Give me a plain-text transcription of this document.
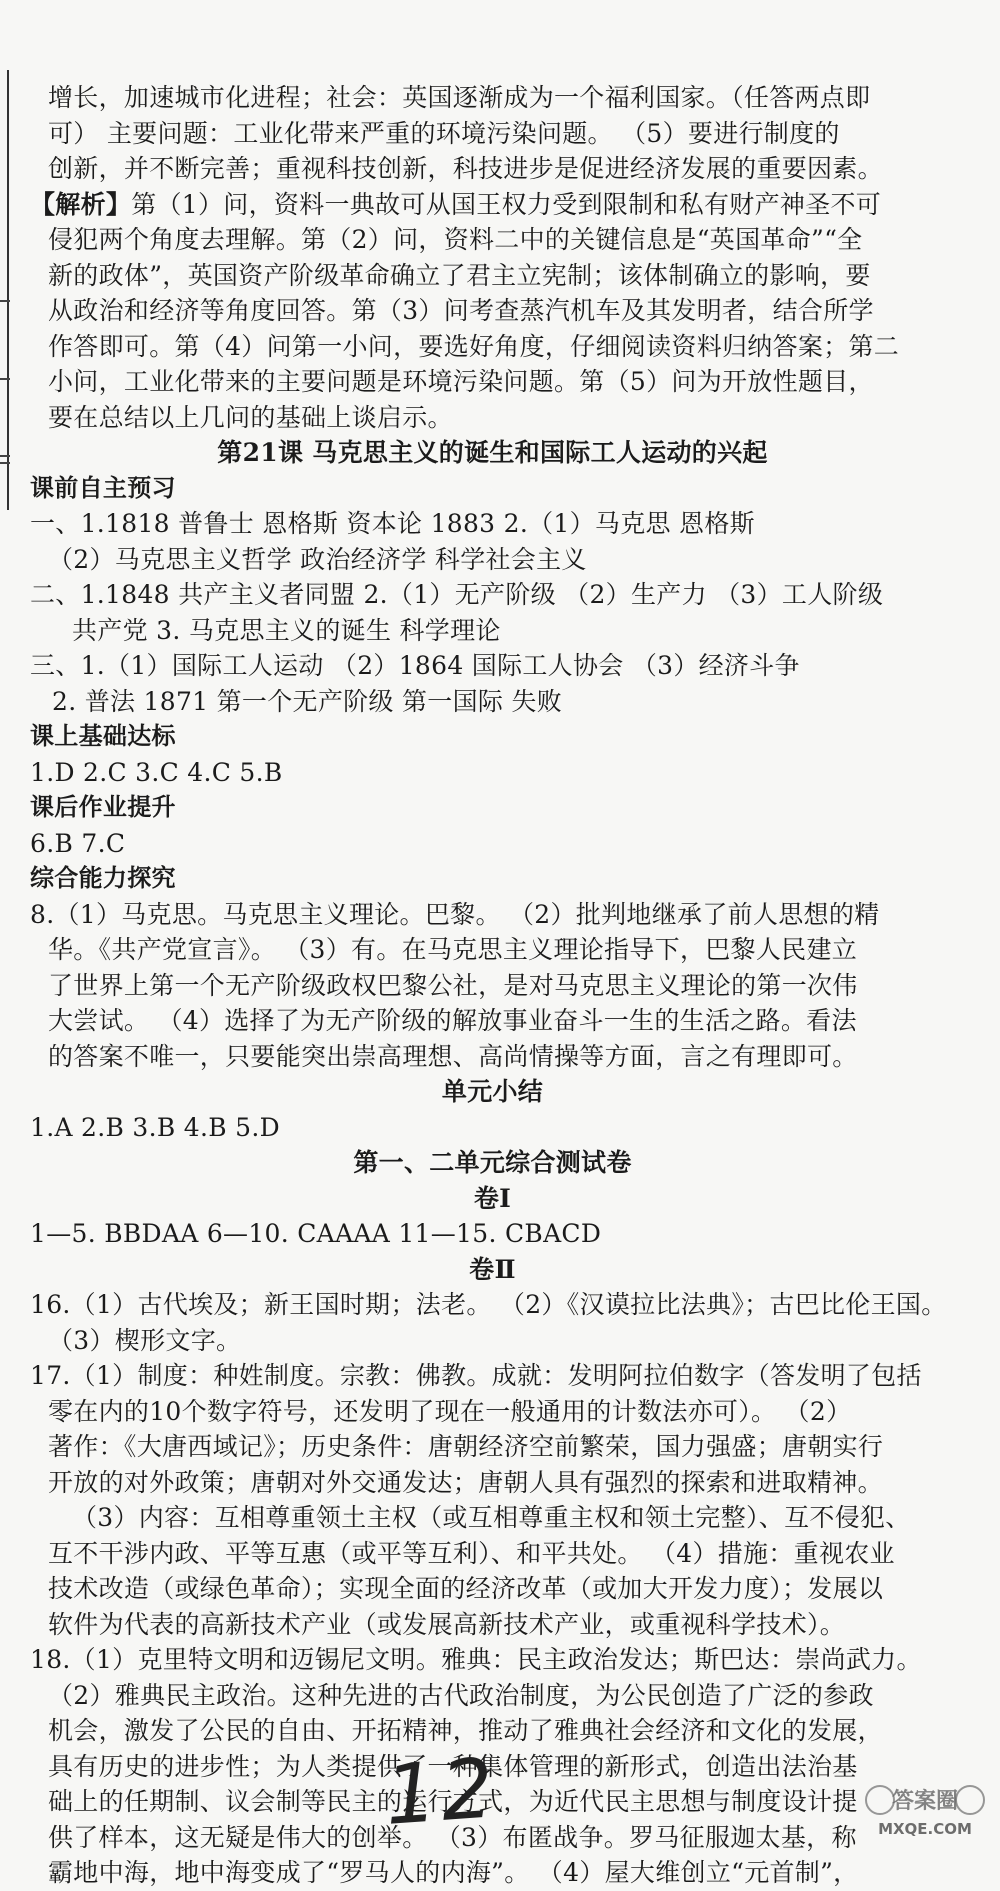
增长，加速城市化进程；社会：英国逐渐成为一个福利国家。（任答两点即
可） 主要问题：工业化带来严重的环境污染问题。 （5）要进行制度的
创新，并不断完善；重视科技创新，科技进步是促进经济发展的重要因素。
【解析】第（1）问，资料一典故可从国王权力受到限制和私有财产神圣不可
侵犯两个角度去理解。第（2）问，资料二中的关键信息是“英国革命”“全
新的政体”，英国资产阶级革命确立了君主立宪制；该体制确立的影响，要
从政治和经济等角度回答。第（3）问考查蒸汽机车及其发明者，结合所学
作答即可。第（4）问第一小问，要选好角度，仔细阅读资料归纳答案；第二
小问，工业化带来的主要问题是环境污染问题。第（5）问为开放性题目，
要在总结以上几问的基础上谈启示。
第21课 马克思主义的诞生和国际工人运动的兴起
课前自主预习
一、1.1818 普鲁士 恩格斯 资本论 1883 2.（1）马克思 恩格斯
（2）马克思主义哲学 政治经济学 科学社会主义
二、1.1848 共产主义者同盟 2.（1）无产阶级 （2）生产力 （3）工人阶级
共产党 3. 马克思主义的诞生 科学理论
三、1.（1）国际工人运动 （2）1864 国际工人协会 （3）经济斗争
2. 普法 1871 第一个无产阶级 第一国际 失败
课上基础达标
1.D 2.C 3.C 4.C 5.B
课后作业提升
6.B 7.C
综合能力探究
8.（1）马克思。马克思主义理论。巴黎。 （2）批判地继承了前人思想的精
华。《共产党宣言》。 （3）有。在马克思主义理论指导下，巴黎人民建立
了世界上第一个无产阶级政权巴黎公社，是对马克思主义理论的第一次伟
大尝试。 （4）选择了为无产阶级的解放事业奋斗一生的生活之路。看法
的答案不唯一，只要能突出崇高理想、高尚情操等方面，言之有理即可。
单元小结
1.A 2.B 3.B 4.B 5.D
第一、二单元综合测试卷
卷Ⅰ
1—5. BBDAA 6—10. CAAAA 11—15. CBACD
卷Ⅱ
16.（1）古代埃及；新王国时期；法老。 （2）《汉谟拉比法典》；古巴比伦王国。
（3）楔形文字。
17.（1）制度：种姓制度。宗教：佛教。成就：发明阿拉伯数字（答发明了包括
零在内的10个数字符号，还发明了现在一般通用的计数法亦可）。 （2）
著作：《大唐西域记》；历史条件：唐朝经济空前繁荣，国力强盛；唐朝实行
开放的对外政策；唐朝对外交通发达；唐朝人具有强烈的探索和进取精神。
（3）内容：互相尊重领土主权（或互相尊重主权和领土完整）、互不侵犯、
互不干涉内政、平等互惠（或平等互利）、和平共处。 （4）措施：重视农业
技术改造（或绿色革命）；实现全面的经济改革（或加大开发力度）；发展以
软件为代表的高新技术产业（或发展高新技术产业，或重视科学技术）。
18.（1）克里特文明和迈锡尼文明。雅典：民主政治发达；斯巴达：崇尚武力。
（2）雅典民主政治。这种先进的古代政治制度，为公民创造了广泛的参政
机会，激发了公民的自由、开拓精神，推动了雅典社会经济和文化的发展，
具有历史的进步性；为人类提供了一种集体管理的新形式，创造出法治基
础上的任期制、议会制等民主的运行方式，为近代民主思想与制度设计提
供了样本，这无疑是伟大的创举。 （3）布匿战争。罗马征服迦太基，称
霸地中海，地中海变成了“罗马人的内海”。 （4）屋大维创立“元首制”，
12	答案圈
MXQE.COM
